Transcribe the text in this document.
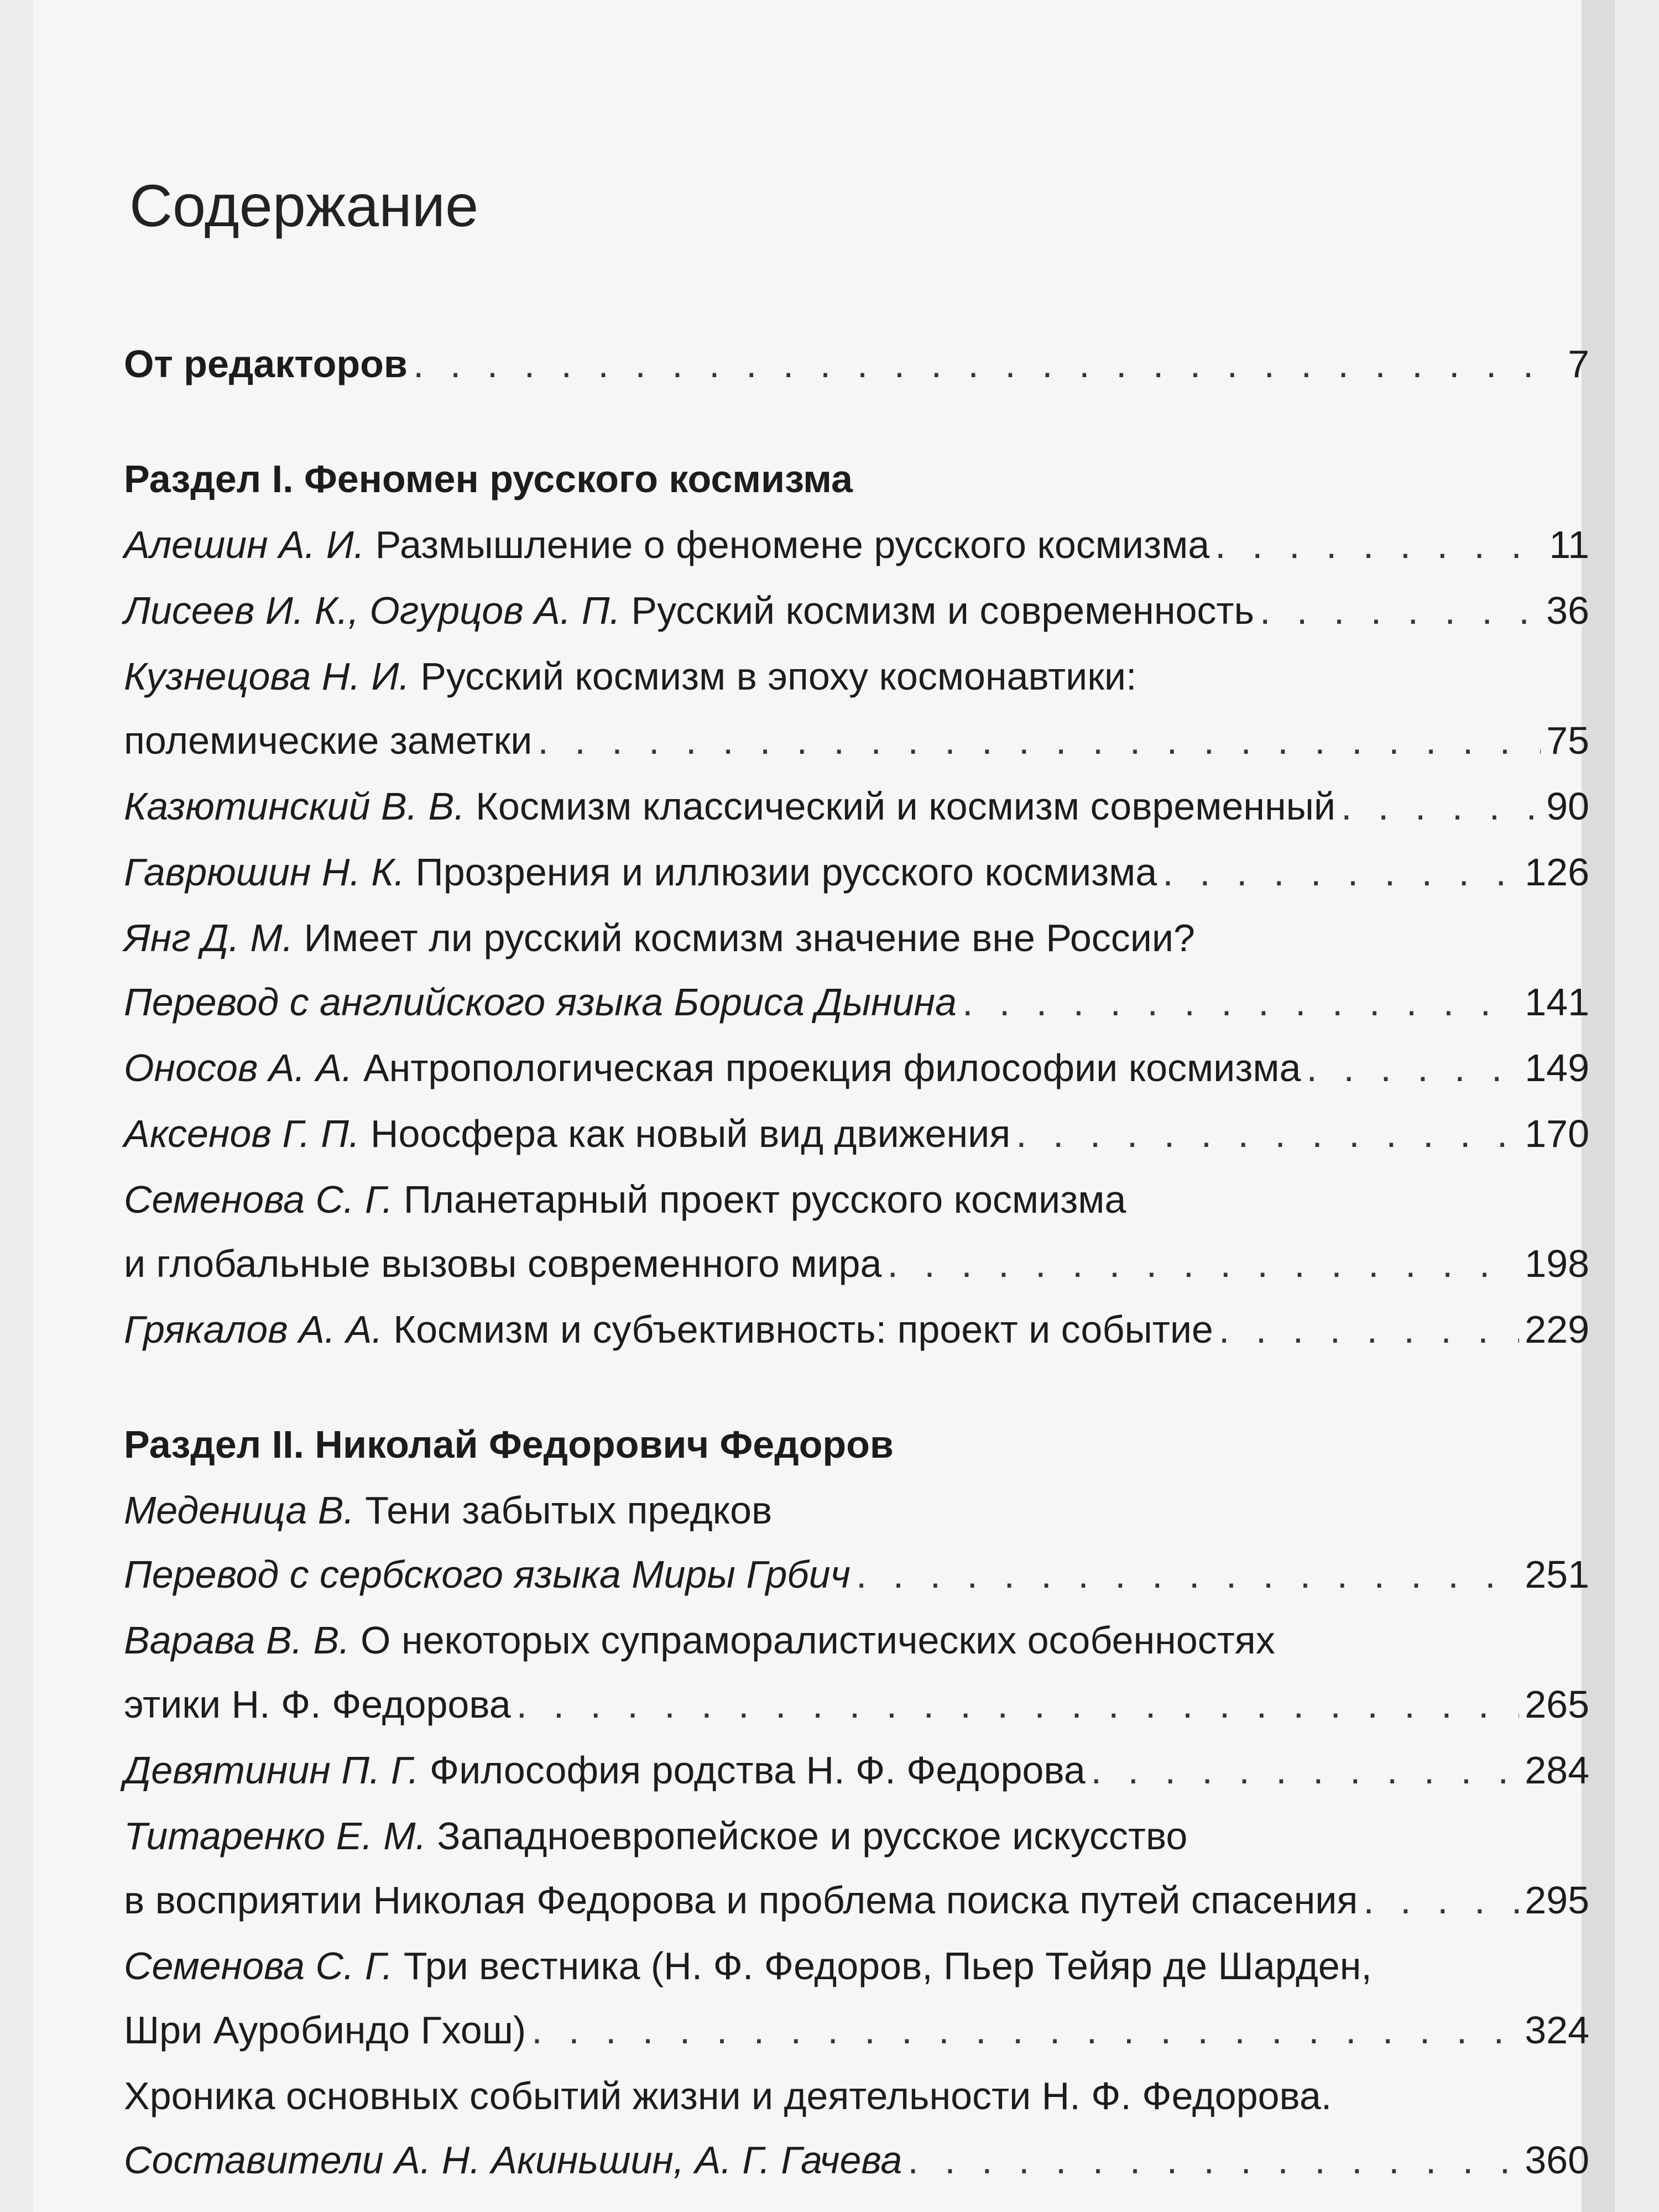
Содержание
От редакторов . . .	7
Раздел I. Феномен русского космизма
Алешин А. И. Размышление о феномене русского космизма . . .	11
Лисеев И. К., Огурцов А. П. Русский космизм и современность . . .	36
Кузнецова Н. И. Русский космизм в эпоху космонавтики:
полемические заметки . . .	75
Казютинский В. В. Космизм классический и космизм современный . . .	90
Гаврюшин Н. К. Прозрения и иллюзии русского космизма . . .	126
Янг Д. М. Имеет ли русский космизм значение вне России?
Перевод с английского языка Бориса Дынина . . .	141
Оносов А. А. Антропологическая проекция философии космизма . . .	149
Аксенов Г. П. Ноосфера как новый вид движения . . .	170
Семенова С. Г. Планетарный проект русского космизма
и глобальные вызовы современного мира . . .	198
Грякалов А. А. Космизм и субъективность: проект и событие . . .	229
Раздел II. Николай Федорович Федоров
Меденица В. Тени забытых предков
Перевод с сербского языка Миры Грбич . . .	251
Варава В. В. О некоторых супраморалистических особенностях
этики Н. Ф. Федорова . . .	265
Девятинин П. Г. Философия родства Н. Ф. Федорова . . .	284
Титаренко Е. М. Западноевропейское и русское искусство
в восприятии Николая Федорова и проблема поиска путей спасения . . .	295
Семенова С. Г. Три вестника (Н. Ф. Федоров, Пьер Тейяр де Шарден,
Шри Ауробиндо Гхош) . . .	324
Хроника основных событий жизни и деятельности Н. Ф. Федорова.
Составители А. Н. Акиньшин, А. Г. Гачева . . .	360
